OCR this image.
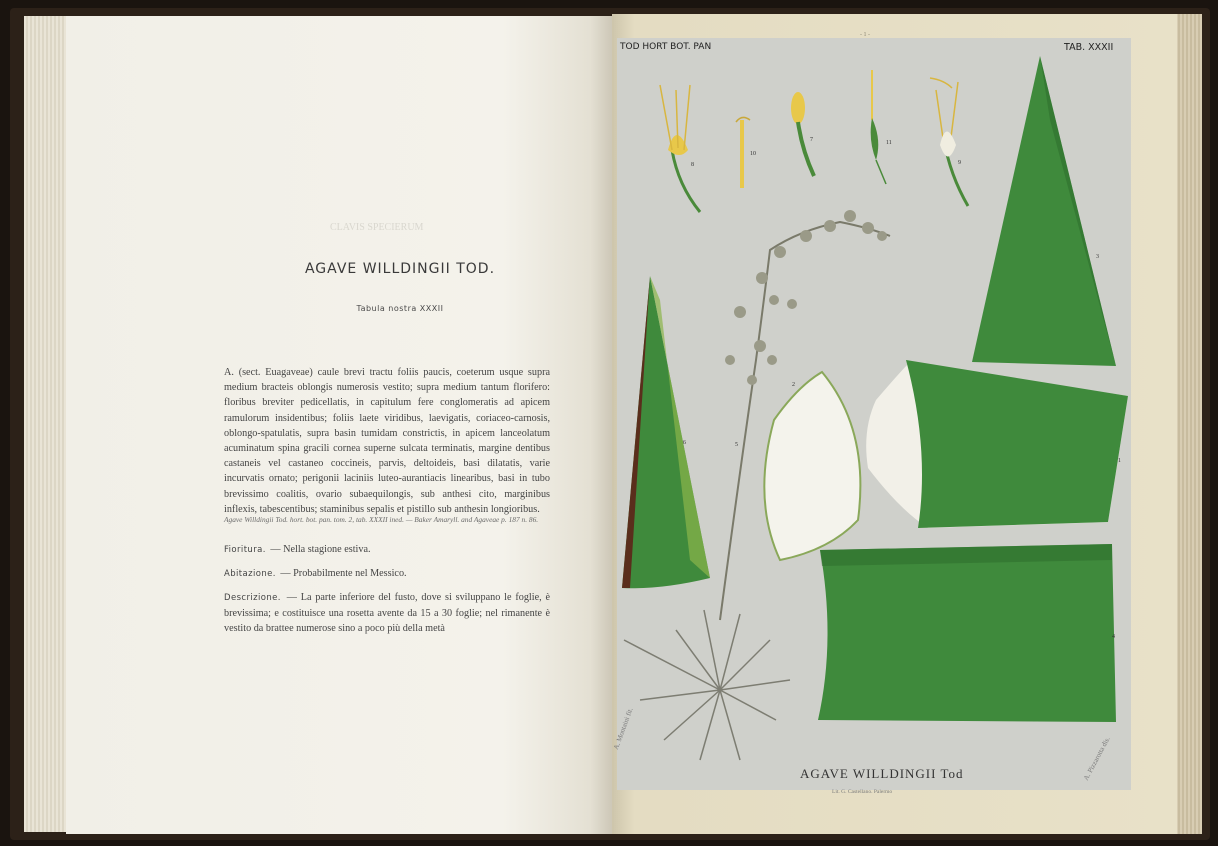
CLAVIS SPECIERUM
AGAVE WILLDINGII TOD.
Tabula nostra XXXII
A. (sect. Euagaveae) caule brevi tractu foliis paucis, coeterum usque supra medium bracteis oblongis numerosis vestito; supra medium tantum florifero: floribus breviter pedicellatis, in capitulum fere conglomeratis ad apicem ramulorum insidentibus; foliis laete viridibus, laevigatis, coriaceo-carnosis, oblongo-spatulatis, supra basin tumidam constrictis, in apicem lanceolatum acuminatum spina gracili cornea superne sulcata terminatis, margine dentibus castaneis vel castaneo coccineis, parvis, deltoideis, basi dilatatis, varie incurvatis ornato; perigonii laciniis luteo-aurantiacis linearibus, basi in tubo brevissimo coalitis, ovario subaequilongis, sub anthesi cito, marginibus inflexis, tabescentibus; staminibus sepalis et pistillo sub anthesin longioribus.
Agave Willdingii Tod. hort. bot. pan. tom. 2, tab. XXXII ined. — Baker Amaryll. and Agaveae p. 187 n. 86.
Fioritura. — Nella stagione estiva.
Abitazione. — Probabilmente nel Messico.
Descrizione. — La parte inferiore del fusto, dove si sviluppano le foglie, è brevissima; e costituisce una rosetta avente da 15 a 30 foglie; nel rimanente è vestito da brattee numerose sino a poco più della metà
- 1 -
TOD HORT BOT. PAN	TAB. XXXII
AGAVE WILLDINGII Tod
Lit. G. Castellano. Palermo
A. Montaini fit.
A. Pizzarotta dis.
8
10
7	11
9
6	5
3
2
1
4
